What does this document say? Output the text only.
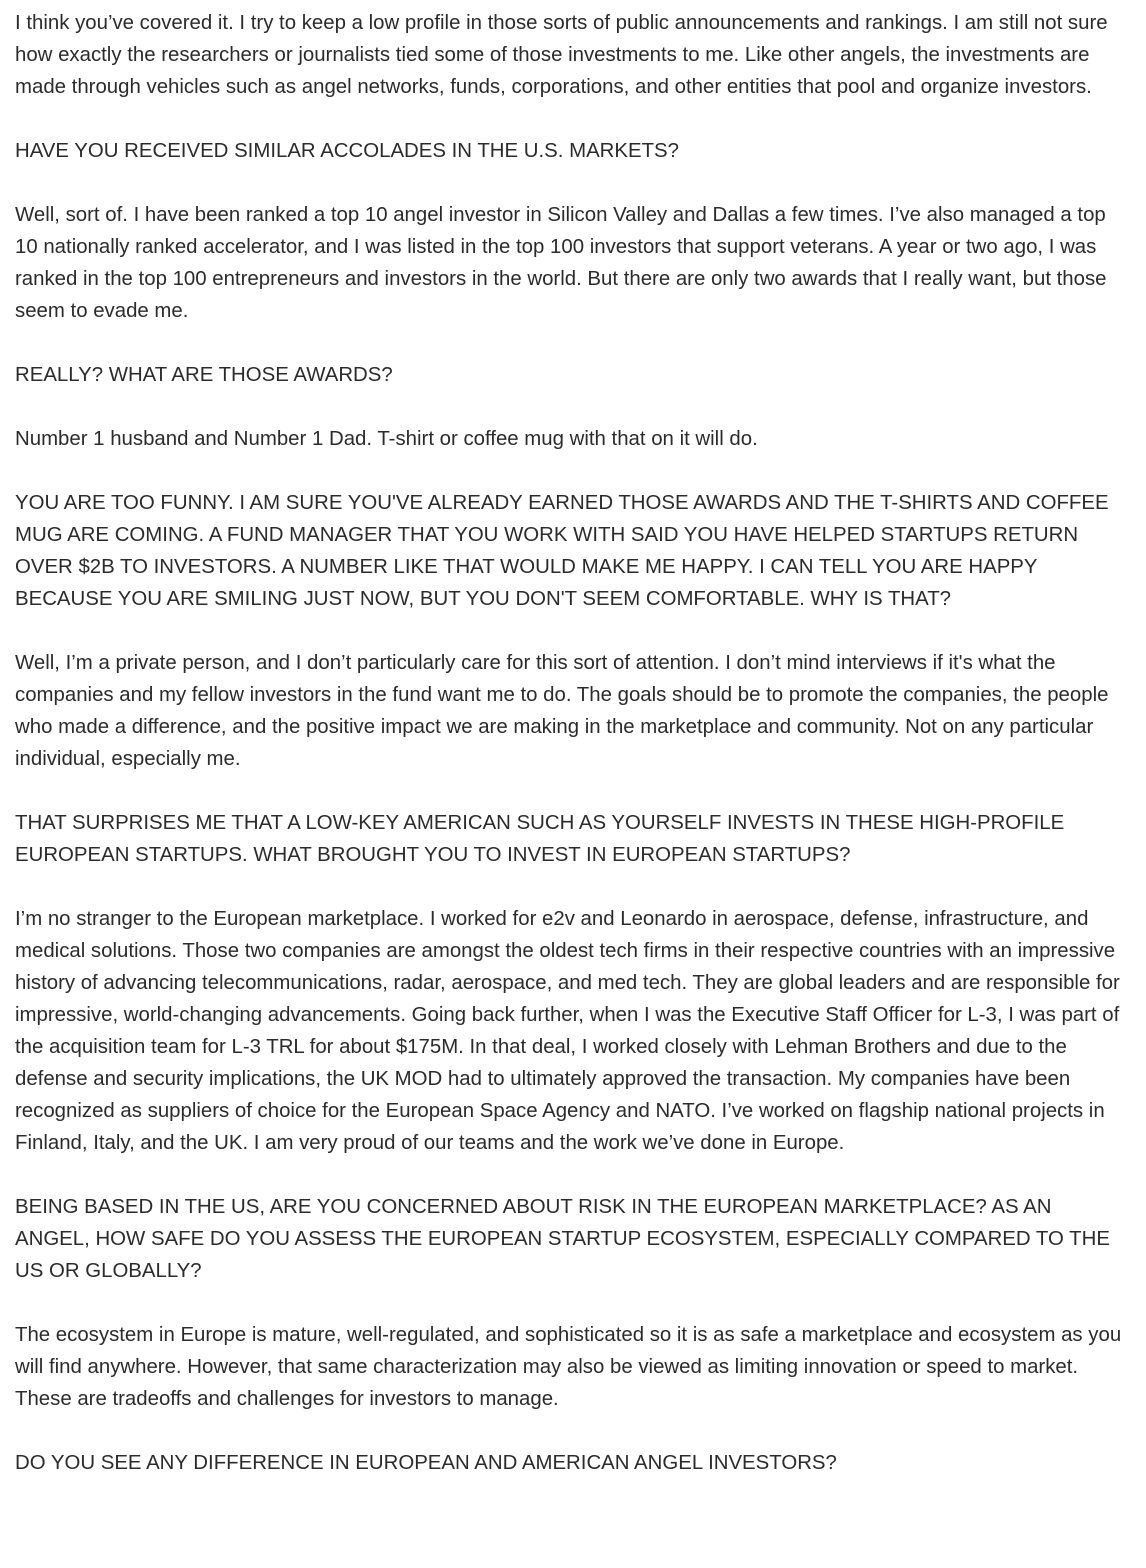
I think you’ve covered it. I try to keep a low profile in those sorts of public announcements and rankings. I am still not sure how exactly the researchers or journalists tied some of those investments to me. Like other angels, the investments are made through vehicles such as angel networks, funds, corporations, and other entities that pool and organize investors.

HAVE YOU RECEIVED SIMILAR ACCOLADES IN THE U.S. MARKETS?

Well, sort of. I have been ranked a top 10 angel investor in Silicon Valley and Dallas a few times. I’ve also managed a top 10 nationally ranked accelerator, and I was listed in the top 100 investors that support veterans. A year or two ago, I was ranked in the top 100 entrepreneurs and investors in the world. But there are only two awards that I really want, but those seem to evade me.

REALLY? WHAT ARE THOSE AWARDS?

Number 1 husband and Number 1 Dad. T-shirt or coffee mug with that on it will do.

YOU ARE TOO FUNNY. I AM SURE YOU'VE ALREADY EARNED THOSE AWARDS AND THE T-SHIRTS AND COFFEE MUG ARE COMING. A FUND MANAGER THAT YOU WORK WITH SAID YOU HAVE HELPED STARTUPS RETURN OVER $2B TO INVESTORS. A NUMBER LIKE THAT WOULD MAKE ME HAPPY. I CAN TELL YOU ARE HAPPY BECAUSE YOU ARE SMILING JUST NOW, BUT YOU DON'T SEEM COMFORTABLE. WHY IS THAT?

Well, I’m a private person, and I don’t particularly care for this sort of attention. I don’t mind interviews if it's what the companies and my fellow investors in the fund want me to do. The goals should be to promote the companies, the people who made a difference, and the positive impact we are making in the marketplace and community. Not on any particular individual, especially me.

THAT SURPRISES ME THAT A LOW-KEY AMERICAN SUCH AS YOURSELF INVESTS IN THESE HIGH-PROFILE EUROPEAN STARTUPS. WHAT BROUGHT YOU TO INVEST IN EUROPEAN STARTUPS?

I’m no stranger to the European marketplace. I worked for e2v and Leonardo in aerospace, defense, infrastructure, and medical solutions. Those two companies are amongst the oldest tech firms in their respective countries with an impressive history of advancing telecommunications, radar, aerospace, and med tech. They are global leaders and are responsible for impressive, world-changing advancements. Going back further, when I was the Executive Staff Officer for L-3, I was part of the acquisition team for L-3 TRL for about $175M. In that deal, I worked closely with Lehman Brothers and due to the defense and security implications, the UK MOD had to ultimately approved the transaction. My companies have been recognized as suppliers of choice for the European Space Agency and NATO. I’ve worked on flagship national projects in Finland, Italy, and the UK. I am very proud of our teams and the work we’ve done in Europe.

BEING BASED IN THE US, ARE YOU CONCERNED ABOUT RISK IN THE EUROPEAN MARKETPLACE? AS AN ANGEL, HOW SAFE DO YOU ASSESS THE EUROPEAN STARTUP ECOSYSTEM, ESPECIALLY COMPARED TO THE US OR GLOBALLY?

The ecosystem in Europe is mature, well-regulated, and sophisticated so it is as safe a marketplace and ecosystem as you will find anywhere. However, that same characterization may also be viewed as limiting innovation or speed to market. These are tradeoffs and challenges for investors to manage.

DO YOU SEE ANY DIFFERENCE IN EUROPEAN AND AMERICAN ANGEL INVESTORS?
